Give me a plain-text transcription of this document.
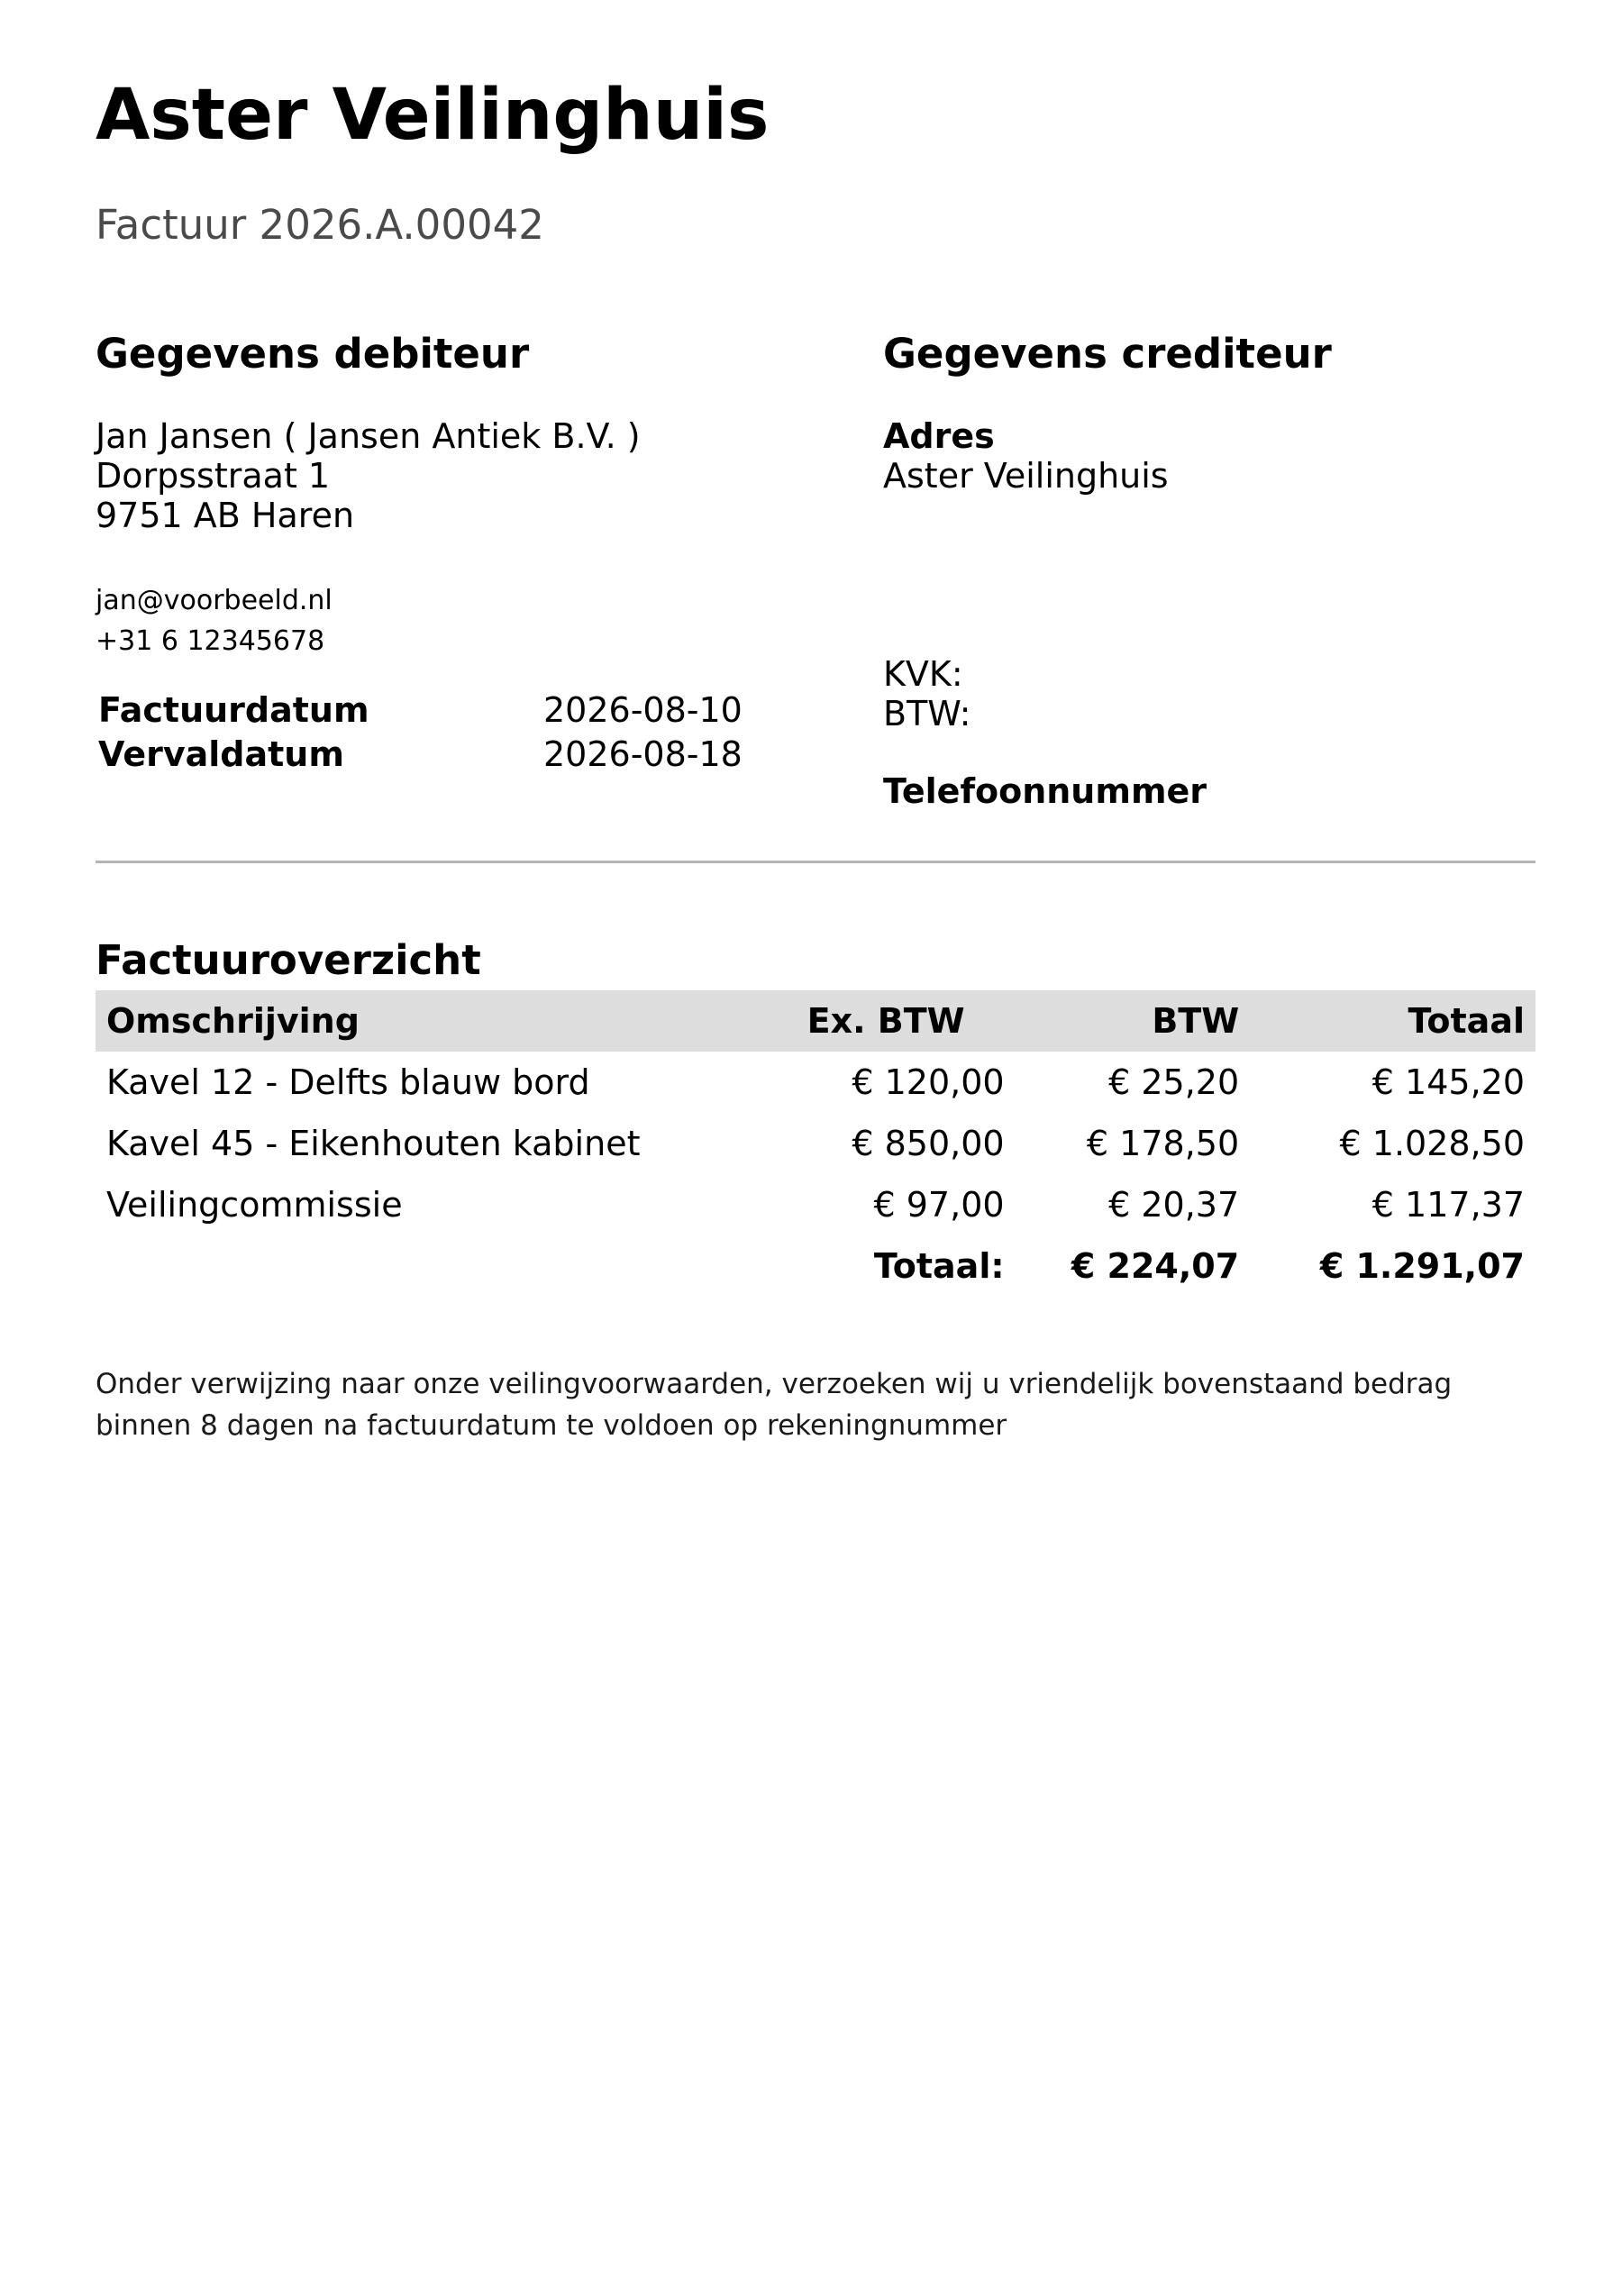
Aster Veilinghuis
Factuur 2026.A.00042
Gegevens debiteur
Jan Jansen ( Jansen Antiek B.V. )
Dorpsstraat 1
9751 AB Haren
jan@voorbeeld.nl
+31 6 12345678
Factuurdatum	2026-08-10
Vervaldatum	2026-08-18
Gegevens crediteur
Adres
Aster Veilinghuis
KVK:
BTW:
Telefoonnummer
Factuuroverzicht
Omschrijving	Ex. BTW	BTW	Totaal
Kavel 12 - Delfts blauw bord	€ 120,00	€ 25,20	€ 145,20
Kavel 45 - Eikenhouten kabinet	€ 850,00	€ 178,50	€ 1.028,50
Veilingcommissie	€ 97,00	€ 20,37	€ 117,37
	Totaal:	€ 224,07	€ 1.291,07

Onder verwijzing naar onze veilingvoorwaarden, verzoeken wij u vriendelijk bovenstaand bedrag binnen 8 dagen na factuurdatum te voldoen op rekeningnummer
